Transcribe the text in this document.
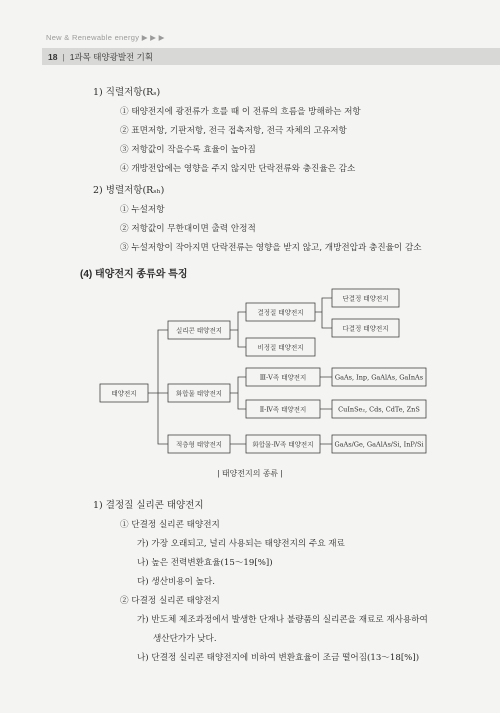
New & Renewable energy ▶ ▶ ▶
18 | 1과목 태양광발전 기획
1) 직렬저항(Rₛ)
① 태양전지에 광전류가 흐를 때 이 전류의 흐름을 방해하는 저항
② 표면저항, 기판저항, 전극 접촉저항, 전극 자체의 고유저항
③ 저항값이 작을수록 효율이 높아짐
④ 개방전압에는 영향을 주지 않지만 단락전류와 충진율은 감소
2) 병렬저항(Rₛₕ)
① 누설저항
② 저항값이 무한대이면 출력 안정적
③ 누설저항이 작아지면 단락전류는 영향을 받지 않고, 개방전압과 충진율이 감소
(4) 태양전지 종류와 특징
태양전지
실리콘 태양전지
결정질 태양전지
단결정 태양전지
다결정 태양전지
비정질 태양전지
화합물 태양전지
Ⅲ-Ⅴ족 태양전지	GaAs, Inp, GaAlAs, GaInAs
Ⅱ-Ⅳ족 태양전지	CuInSe₂, Cds, CdTe, ZnS
적층형 태양전지	화합물-Ⅳ족 태양전지	GaAs/Ge, GaAlAs/Si, InP/Si
| 태양전지의 종류 |
1) 결정질 실리콘 태양전지
① 단결정 실리콘 태양전지
가) 가장 오래되고, 널리 사용되는 태양전지의 주요 재료
나) 높은 전력변환효율(15～19[%])
다) 생산비용이 높다.
② 다결정 실리콘 태양전지
가) 반도체 제조과정에서 발생한 단재나 불량품의 실리콘을 재료로 재사용하여
생산단가가 낮다.
나) 단결정 실리콘 태양전지에 비하여 변환효율이 조금 떨어짐(13～18[%])
